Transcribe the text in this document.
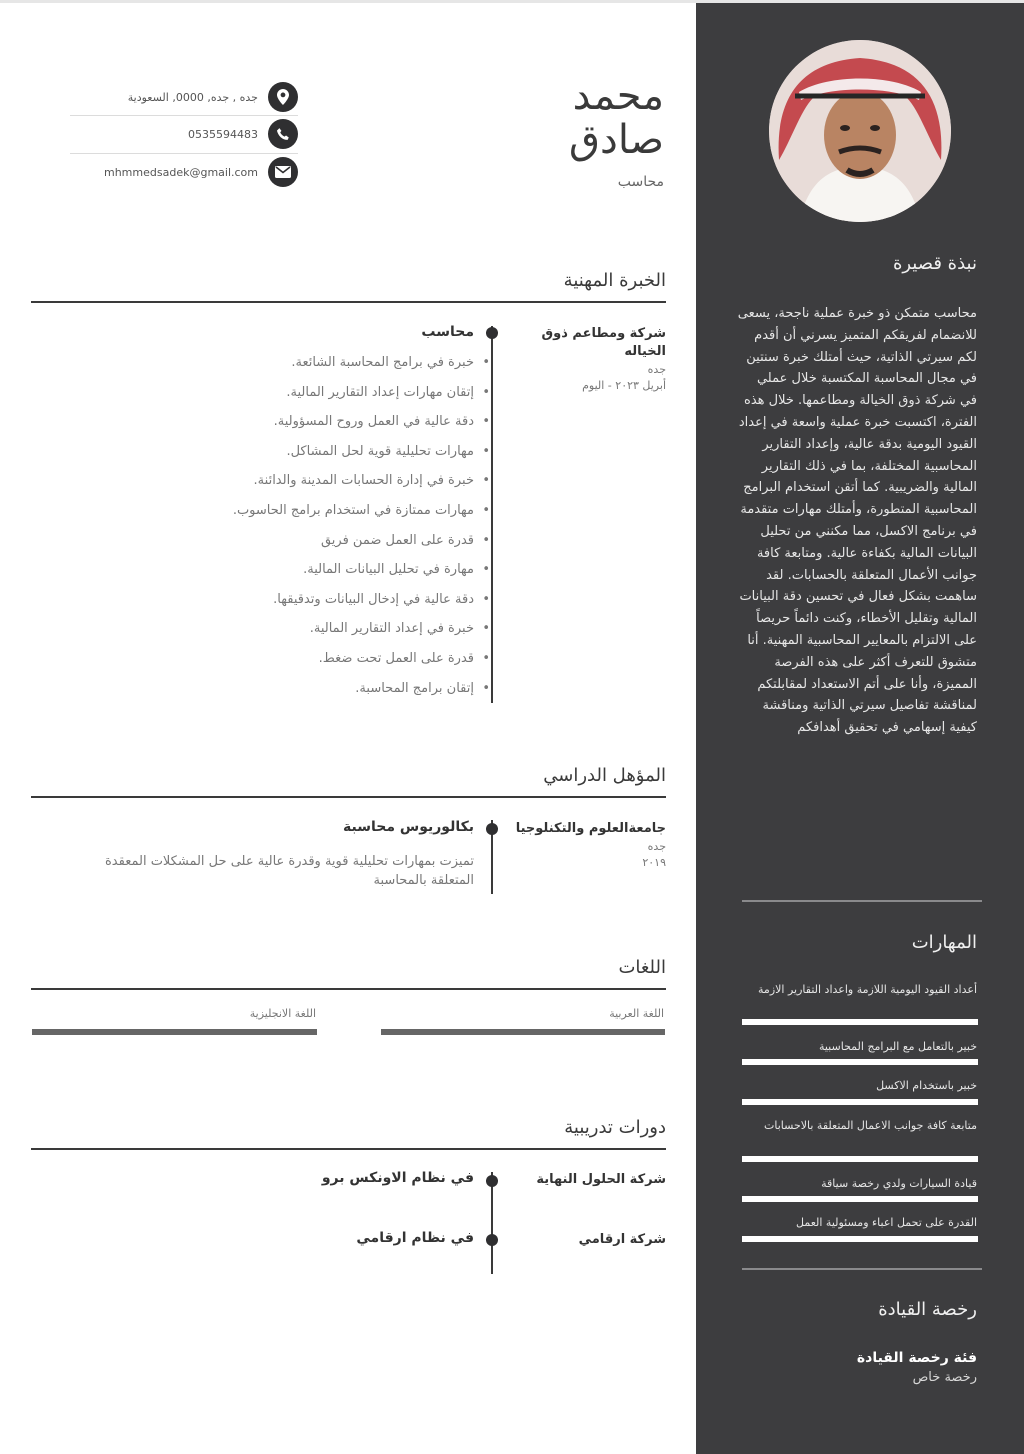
محمد
صادق
محاسب
جده , جده, 0000, السعودية
0535594483
mhmmedsadek@gmail.com
الخبرة المهنية
شركة ومطاعم ذوق الخياله
جده
أبريل ٢٠٢٣ - اليوم
محاسب
خبرة في برامج المحاسبة الشائعة. •
إتقان مهارات إعداد التقارير المالية. •
دقة عالية في العمل وروح المسؤولية. •
مهارات تحليلية قوية لحل المشاكل. •
خبرة في إدارة الحسابات المدينة والدائنة. •
مهارات ممتازة في استخدام برامج الحاسوب. •
قدرة على العمل ضمن فريق •
مهارة في تحليل البيانات المالية. •
دقة عالية في إدخال البيانات وتدقيقها. •
خبرة في إعداد التقارير المالية. •
قدرة على العمل تحت ضغط. •
إتقان برامج المحاسبة. •
المؤهل الدراسي
جامعةالعلوم والتكنلوجيا
جده
٢٠١٩
بكالوريوس محاسبة
تميزت بمهارات تحليلية قوية وقدرة عالية على حل المشكلات المعقدة المتعلقة بالمحاسبة •
اللغات
اللغة العربية
اللغة الانجليزية
دورات تدريبية
شركة الحلول النهاية
في نظام الاونكس برو
شركة ارقامي
في نظام ارقامي
نبذة قصيرة
محاسب متمكن ذو خبرة عملية ناجحة، يسعى للانضمام لفريقكم المتميز يسرني أن أقدم لكم سيرتي الذاتية، حيث أمتلك خبرة سنتين في مجال المحاسبة المكتسبة خلال عملي في شركة ذوق الخيالة ومطاعمها. خلال هذه الفترة، اكتسبت خبرة عملية واسعة في إعداد القيود اليومية بدقة عالية، وإعداد التقارير المحاسبية المختلفة، بما في ذلك التقارير المالية والضريبية. كما أتقن استخدام البرامج المحاسبية المتطورة، وأمتلك مهارات متقدمة في برنامج الاكسل، مما مكنني من تحليل البيانات المالية بكفاءة عالية. ومتابعة كافة جوانب الأعمال المتعلقة بالحسابات. لقد ساهمت بشكل فعال في تحسين دقة البيانات المالية وتقليل الأخطاء، وكنت دائماً حريصاً على الالتزام بالمعايير المحاسبية المهنية. أنا متشوق للتعرف أكثر على هذه الفرصة المميزة، وأنا على أتم الاستعداد لمقابلتكم لمناقشة تفاصيل سيرتي الذاتية ومناقشة كيفية إسهامي في تحقيق أهدافكم
المهارات
أعداد القيود اليومية اللازمة واعداد التقارير الازمة
خبير بالتعامل مع البرامج المحاسبية
خبير باستخدام الاكسل
متابعة كافة جوانب الاعمال المتعلقة بالاحسابات
قيادة السيارات ولدي رخصة سياقة
القدرة على تحمل اعباء ومسئولية العمل
رخصة القيادة
فئة رخصة القيادة
رخصة خاص
